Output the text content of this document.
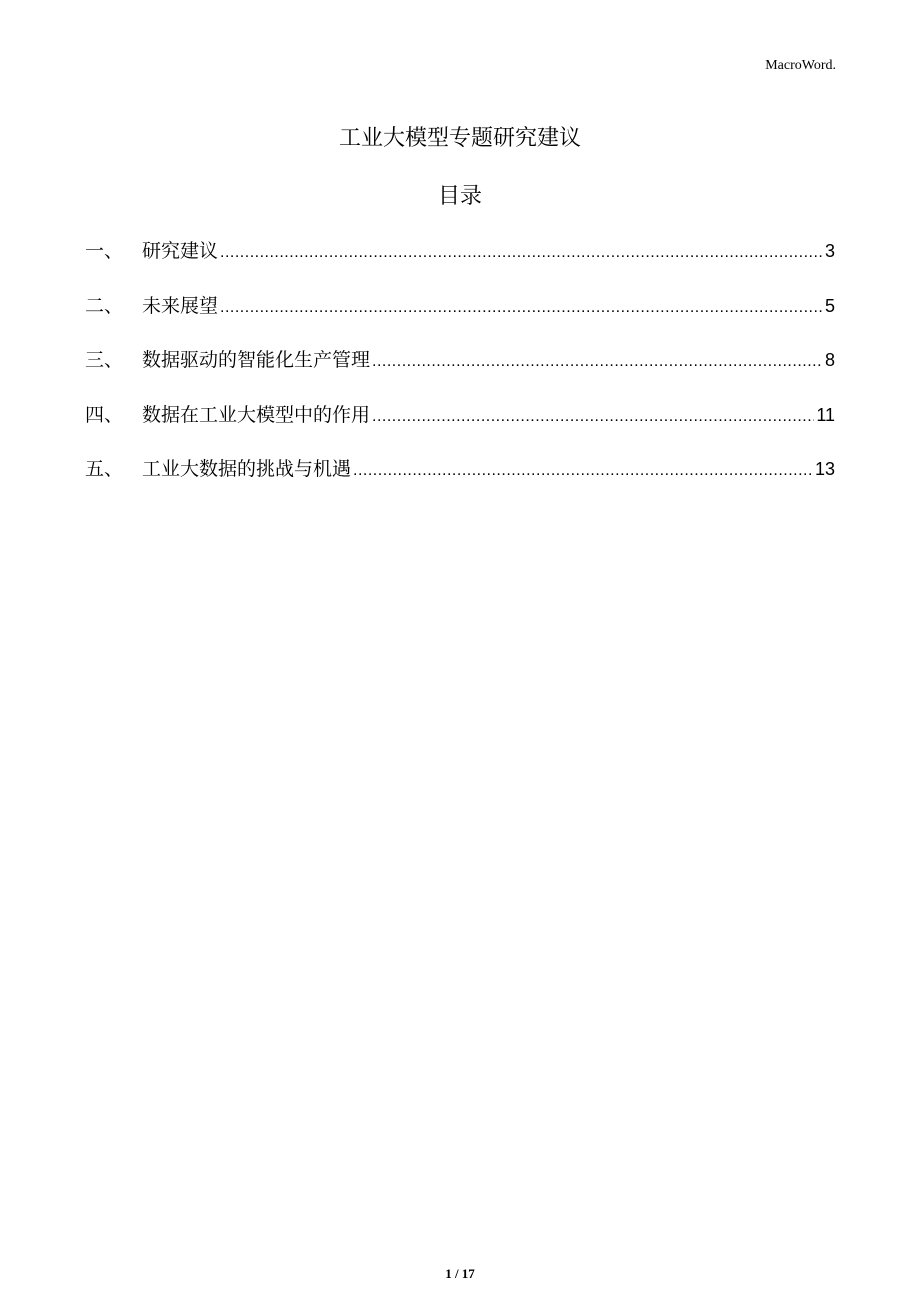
MacroWord.
工业大模型专题研究建议
目录
一、 研究建议 .....	3
二、 未来展望 .....	5
三、 数据驱动的智能化生产管理 .....	8
四、 数据在工业大模型中的作用 .....	11
五、 工业大数据的挑战与机遇 .....	13
1 / 17
